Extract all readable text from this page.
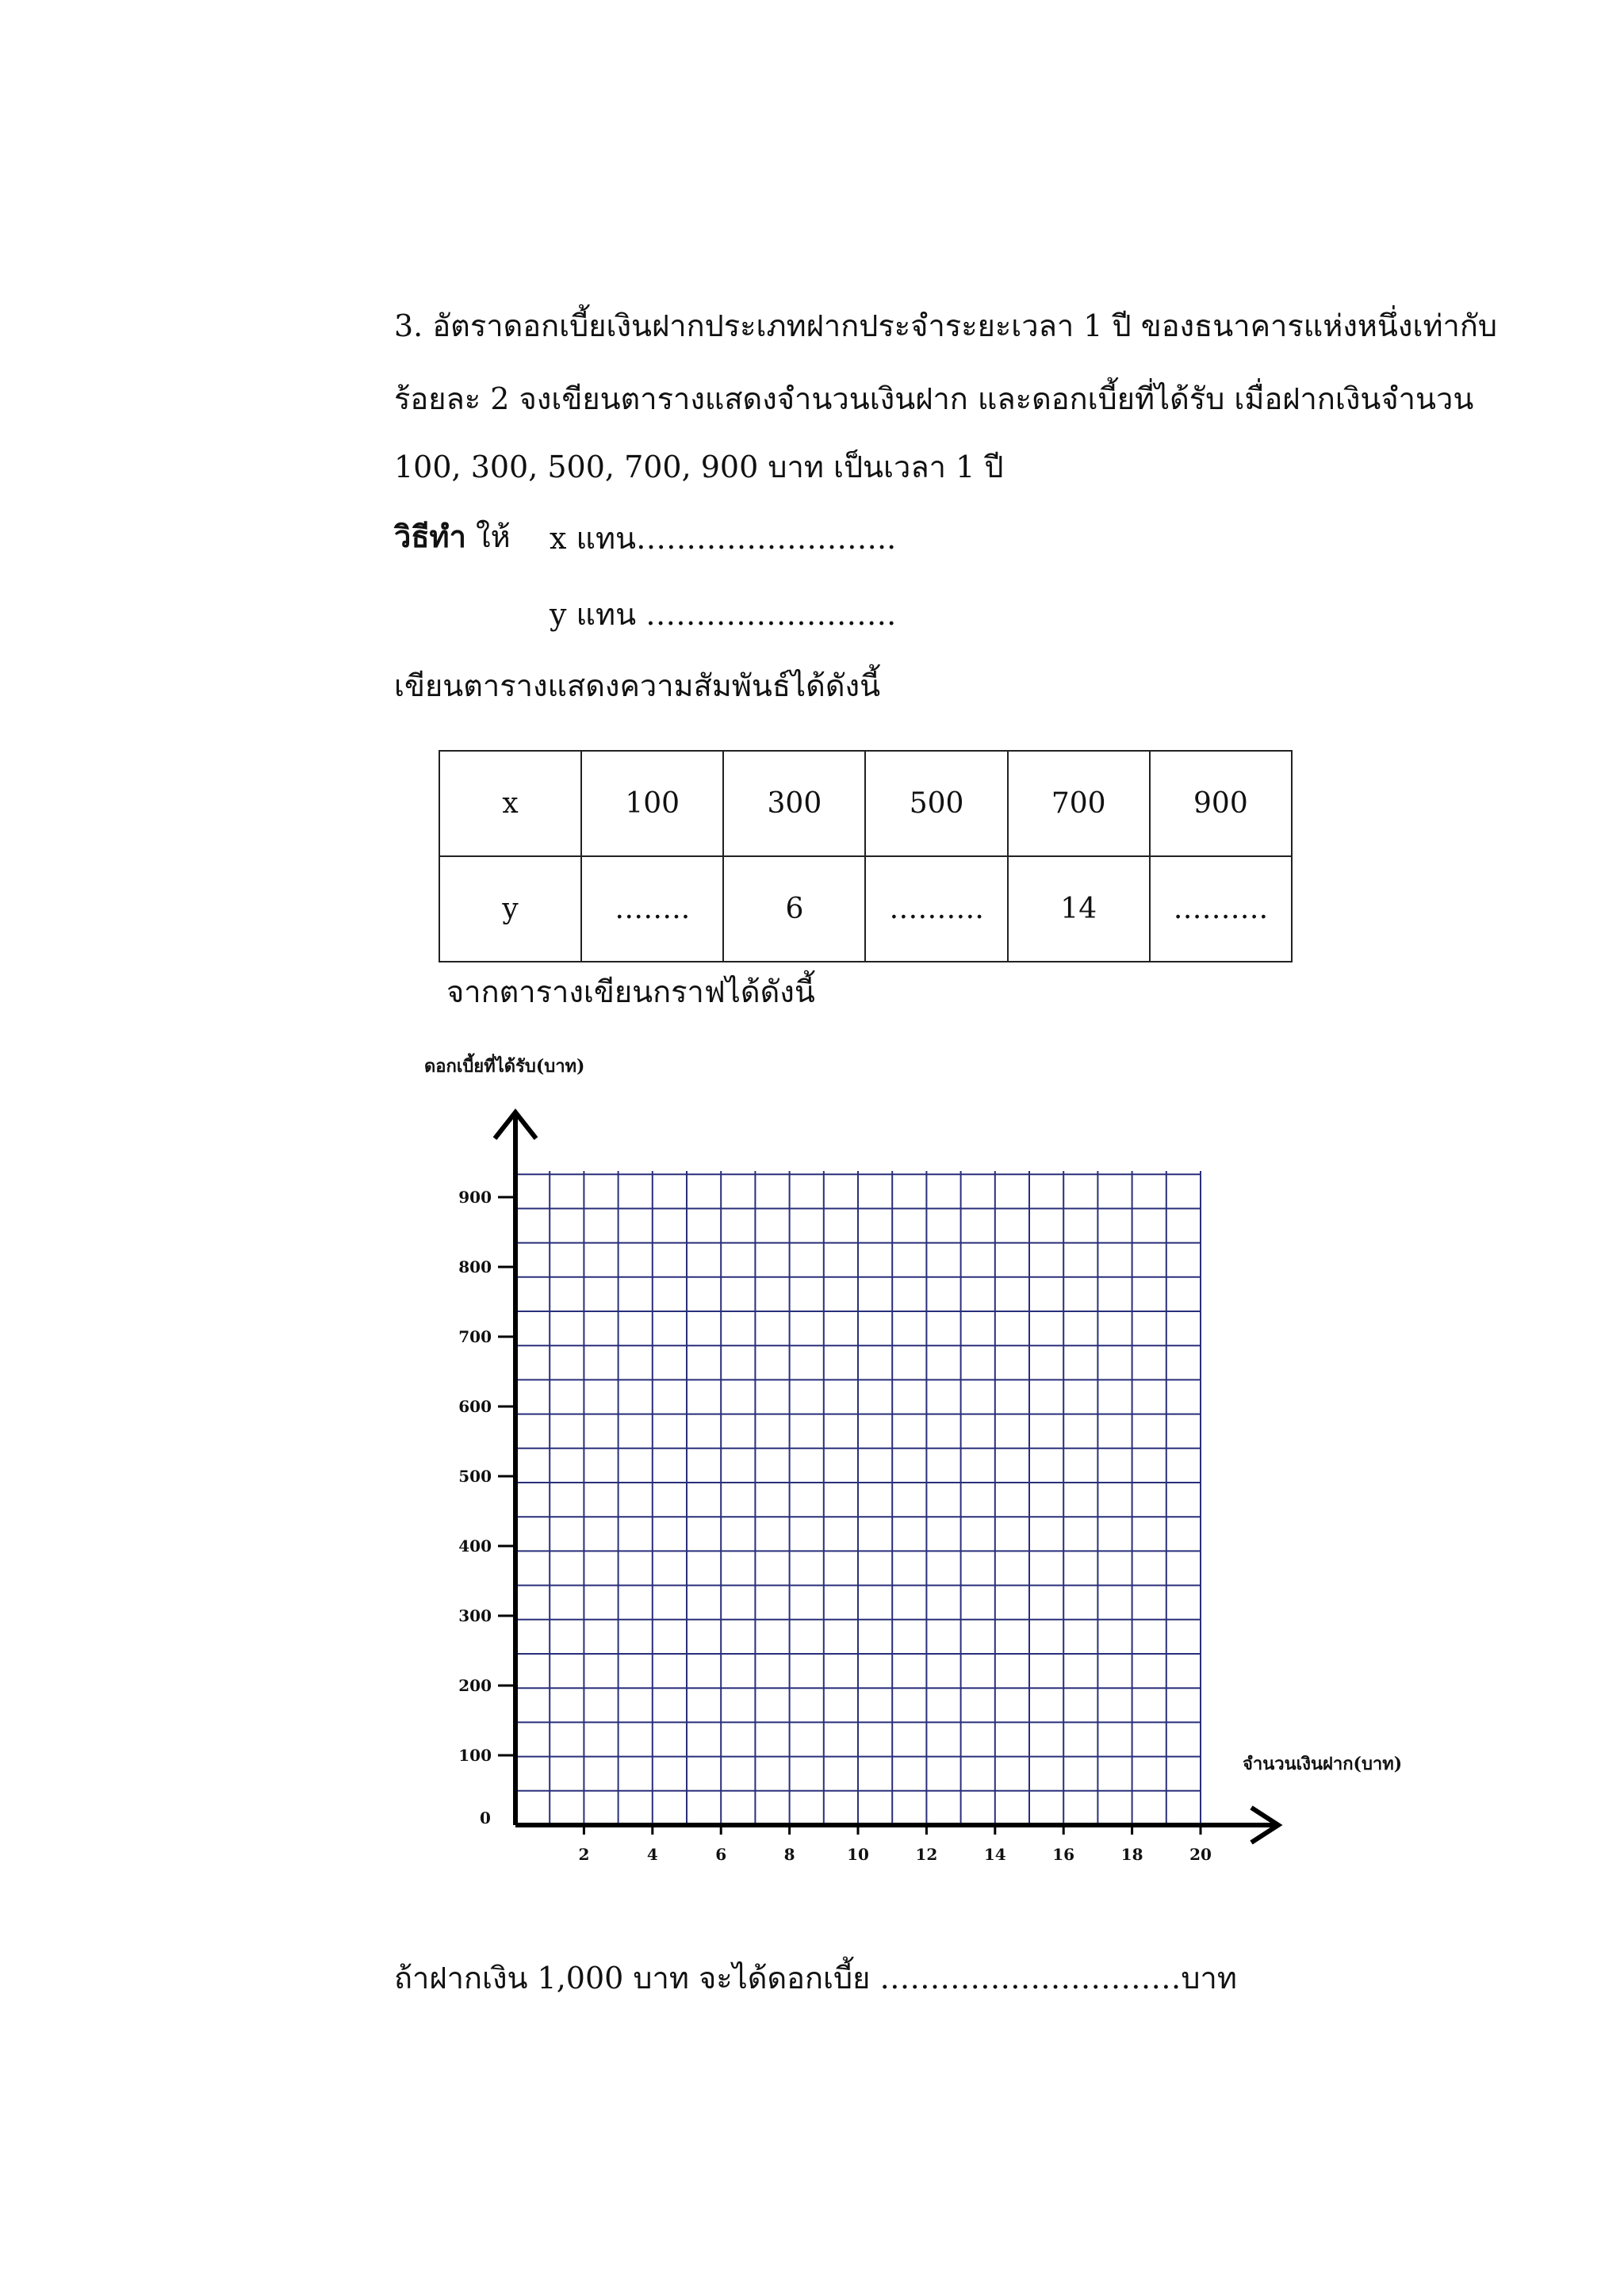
3. อัตราดอกเบี้ยเงินฝากประเภทฝากประจำระยะเวลา 1 ปี ของธนาคารแห่งหนึ่งเท่ากับ
ร้อยละ 2 จงเขียนตารางแสดงจำนวนเงินฝาก และดอกเบี้ยที่ได้รับ เมื่อฝากเงินจำนวน
100, 300, 500, 700, 900 บาท เป็นเวลา 1 ปี
วิธีทำ ให้ x แทน……………………..
y แทน …………………….
เขียนตารางแสดงความสัมพันธ์ได้ดังนี้
x	100	300	500	700	900
y	……..	6	……….	14	……….
จากตารางเขียนกราฟได้ดังนี้
100
200
300
400
500
600
700
800
900
2	4	6	8	10	12	14	16	18	20
0
ดอกเบี้ยที่ได้รับ(บาท)
จำนวนเงินฝาก(บาท)
ถ้าฝากเงิน 1,000 บาท จะได้ดอกเบี้ย …………………………บาท
